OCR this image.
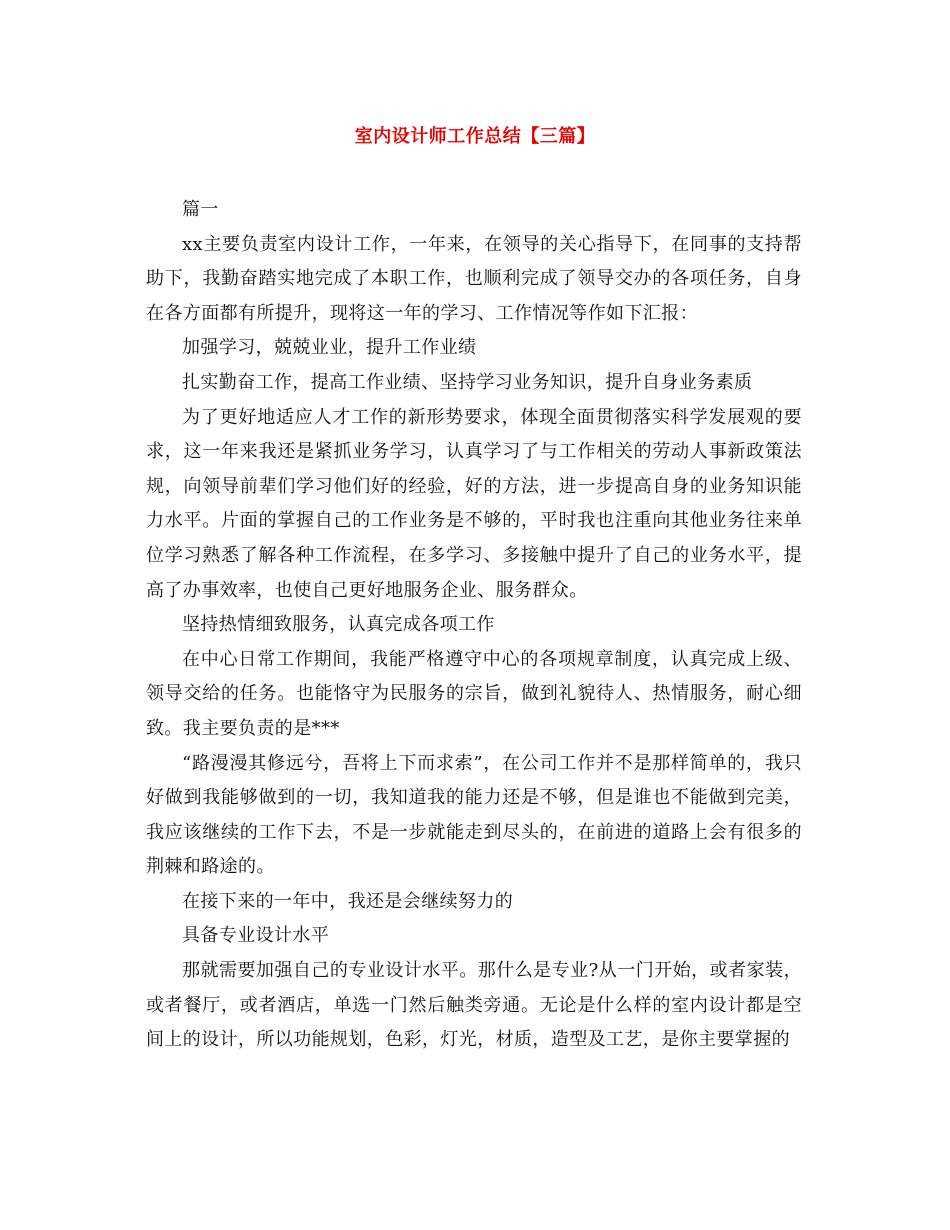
室内设计师工作总结【三篇】

篇一

xx主要负责室内设计工作，一年来，在领导的关心指导下，在同事的支持帮助下，我勤奋踏实地完成了本职工作，也顺利完成了领导交办的各项任务，自身在各方面都有所提升，现将这一年的学习、工作情况等作如下汇报：

加强学习，兢兢业业，提升工作业绩

扎实勤奋工作，提高工作业绩、坚持学习业务知识，提升自身业务素质

为了更好地适应人才工作的新形势要求，体现全面贯彻落实科学发展观的要求，这一年来我还是紧抓业务学习，认真学习了与工作相关的劳动人事新政策法规，向领导前辈们学习他们好的经验，好的方法，进一步提高自身的业务知识能力水平。片面的掌握自己的工作业务是不够的，平时我也注重向其他业务往来单位学习熟悉了解各种工作流程，在多学习、多接触中提升了自己的业务水平，提高了办事效率，也使自己更好地服务企业、服务群众。

坚持热情细致服务，认真完成各项工作

在中心日常工作期间，我能严格遵守中心的各项规章制度，认真完成上级、领导交给的任务。也能恪守为民服务的宗旨，做到礼貌待人、热情服务，耐心细致。我主要负责的是***

“路漫漫其修远兮，吾将上下而求索”，在公司工作并不是那样简单的，我只好做到我能够做到的一切，我知道我的能力还是不够，但是谁也不能做到完美，我应该继续的工作下去，不是一步就能走到尽头的，在前进的道路上会有很多的荆棘和路途的。

在接下来的一年中，我还是会继续努力的

具备专业设计水平

那就需要加强自己的专业设计水平。那什么是专业?从一门开始，或者家装，或者餐厅，或者酒店，单选一门然后触类旁通。无论是什么样的室内设计都是空间上的设计，所以功能规划，色彩，灯光，材质，造型及工艺，是你主要掌握的
